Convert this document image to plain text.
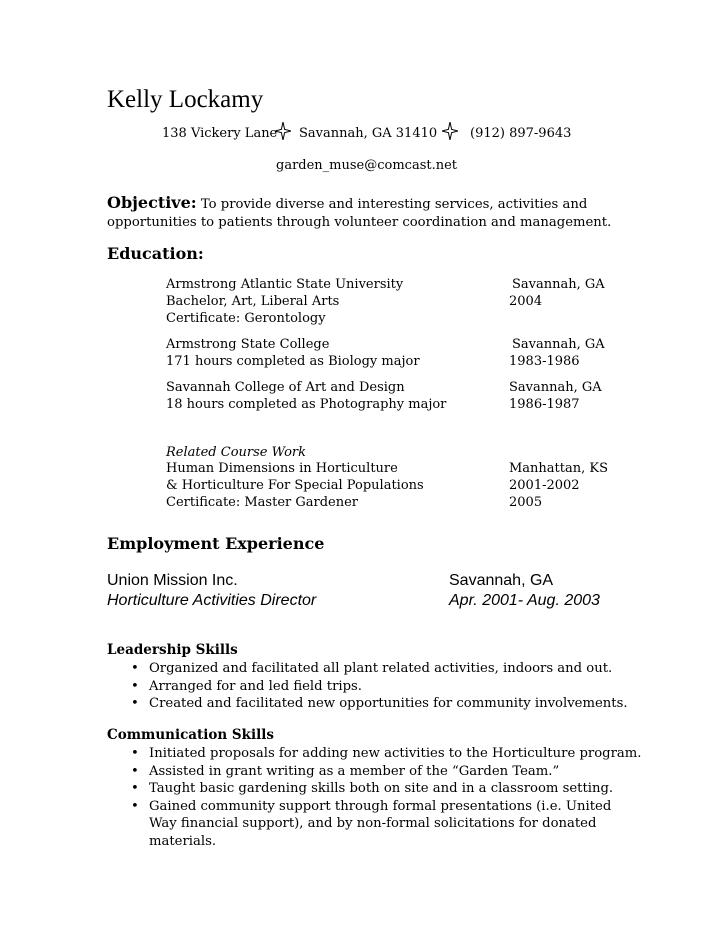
Kelly Lockamy
138 Vickery Lane Savannah, GA 31410	(912) 897-9643
garden_muse@comcast.net
Objective: To provide diverse and interesting services, activities and opportunities to patients through volunteer coordination and management.
Education:
Armstrong Atlantic State University	Savannah, GA
Bachelor, Art, Liberal Arts	2004
Certificate: Gerontology
Armstrong State College	Savannah, GA
171 hours completed as Biology major	1983-1986
Savannah College of Art and Design	Savannah, GA
18 hours completed as Photography major	1986-1987
Related Course Work
Human Dimensions in Horticulture	Manhattan, KS
& Horticulture For Special Populations	2001-2002
Certificate: Master Gardener	2005
Employment Experience
Union Mission Inc.	Savannah, GA
Horticulture Activities Director	Apr. 2001- Aug. 2003
Leadership Skills
• Organized and facilitated all plant related activities, indoors and out.
• Arranged for and led field trips.
• Created and facilitated new opportunities for community involvements.
Communication Skills
• Initiated proposals for adding new activities to the Horticulture program.
• Assisted in grant writing as a member of the “Garden Team.”
• Taught basic gardening skills both on site and in a classroom setting.
• Gained community support through formal presentations (i.e. United Way financial support), and by non-formal solicitations for donated materials.
